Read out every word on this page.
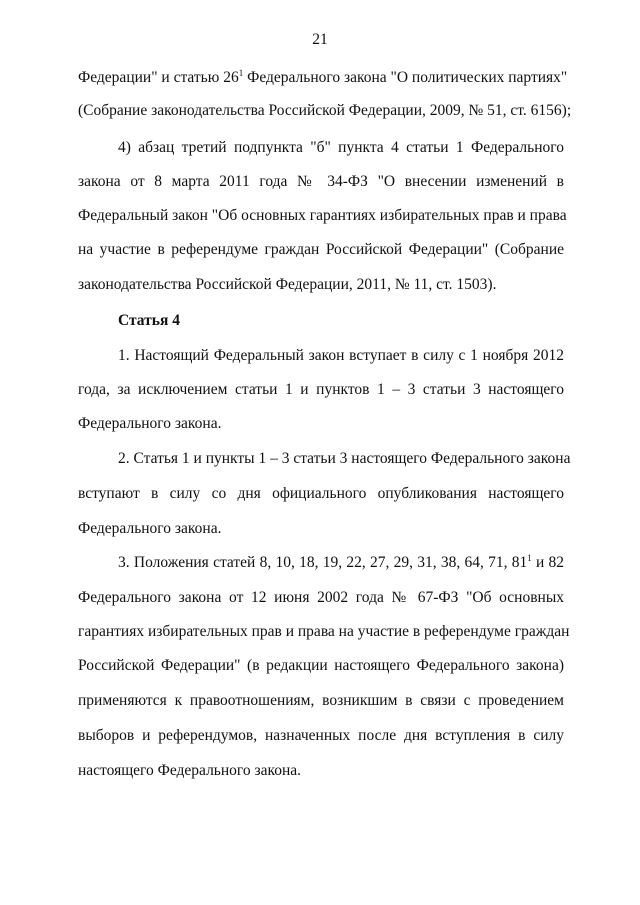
21
Федерации" и статью $26^1$ Федерального закона "О политических партиях"
(Собрание законодательства Российской Федерации, 2009, № 51, ст. 6156);
4) абзац третий подпункта "б" пункта 4 статьи 1 Федерального
закона от 8 марта 2011 года № 34-ФЗ "О внесении изменений в
Федеральный закон "Об основных гарантиях избирательных прав и права
на участие в референдуме граждан Российской Федерации" (Собрание
законодательства Российской Федерации, 2011, № 11, ст. 1503).
Статья 4
1. Настоящий Федеральный закон вступает в силу с 1 ноября 2012
года, за исключением статьи 1 и пунктов 1 – 3 статьи 3 настоящего
Федерального закона.
2. Статья 1 и пункты 1 – 3 статьи 3 настоящего Федерального закона
вступают в силу со дня официального опубликования настоящего
Федерального закона.
3. Положения статей 8, 10, 18, 19, 22, 27, 29, 31, 38, 64, 71, $81^1$ и 82
Федерального закона от 12 июня 2002 года № 67-ФЗ "Об основных
гарантиях избирательных прав и права на участие в референдуме граждан
Российской Федерации" (в редакции настоящего Федерального закона)
применяются к правоотношениям, возникшим в связи с проведением
выборов и референдумов, назначенных после дня вступления в силу
настоящего Федерального закона.
